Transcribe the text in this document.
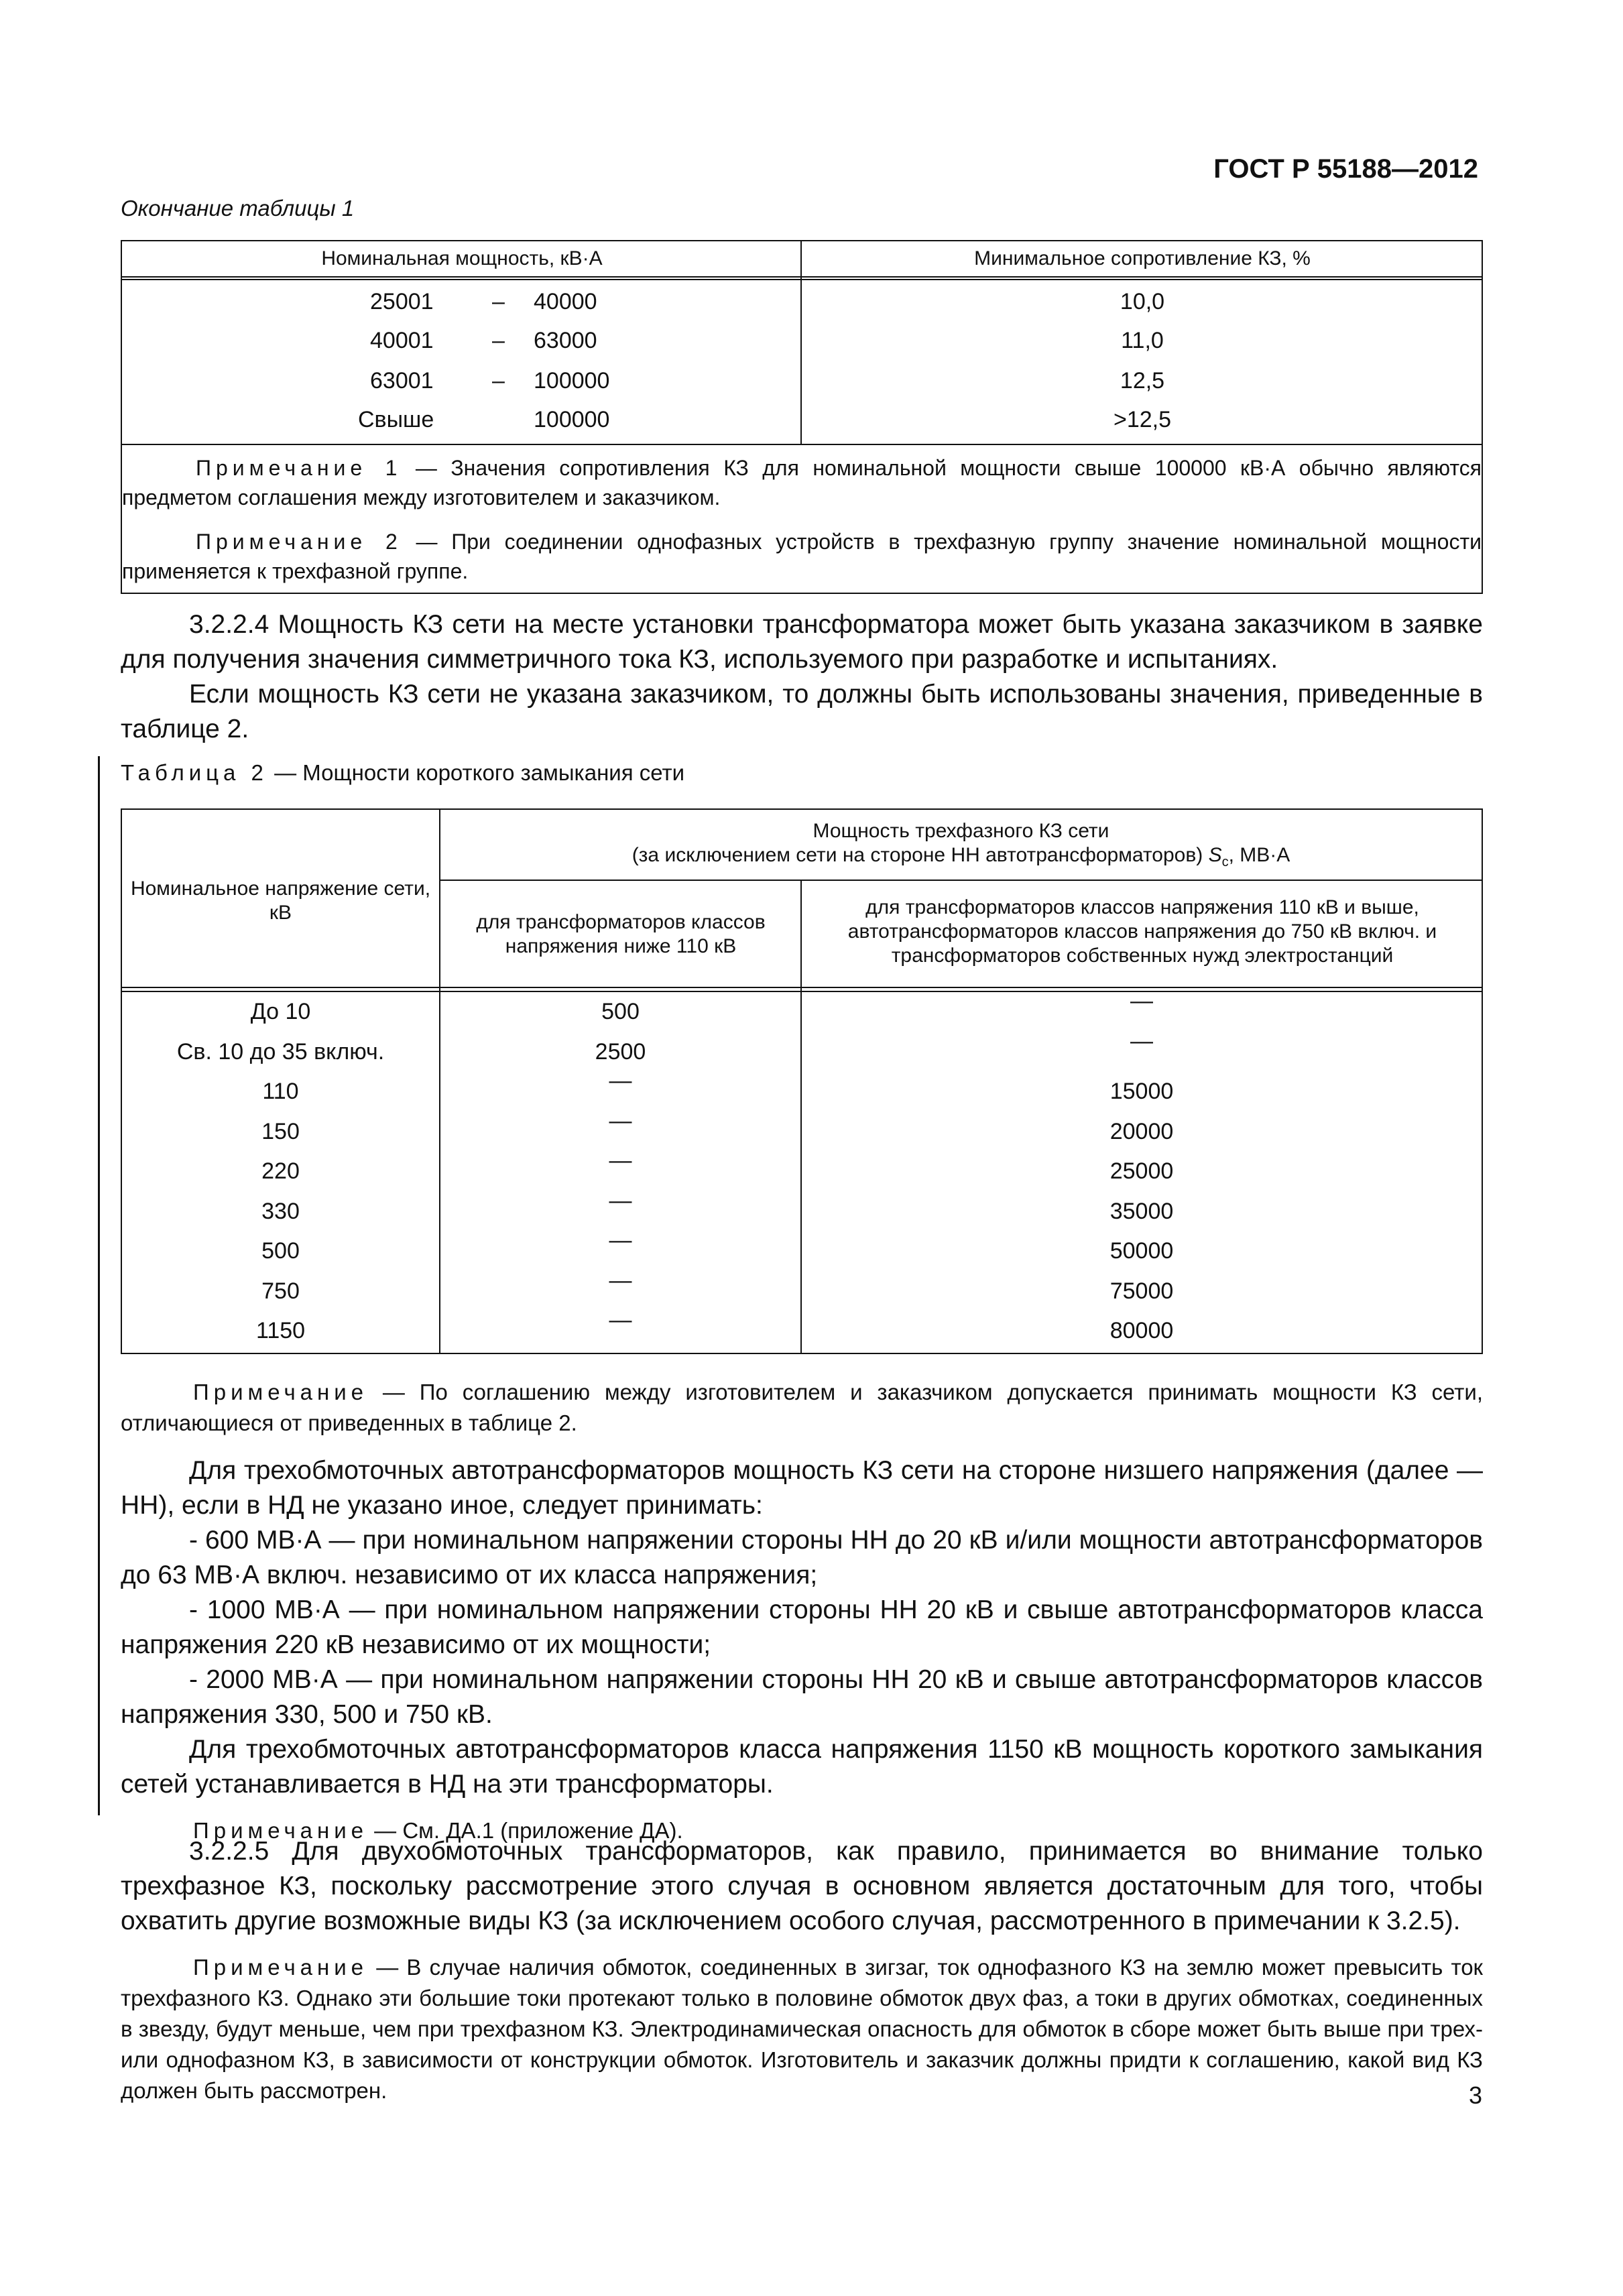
ГОСТ Р 55188—2012
Окончание таблицы 1
Номинальная мощность, кВ·А	Минимальное сопротивление КЗ, %
25001	– 40000	10,0
40001	– 63000	11,0
63001	– 100000	12,5
Свыше	100000	>12,5

Примечание 1 — Значения сопротивления КЗ для номинальной мощности свыше 100000 кВ·А обычно являются предметом соглашения между изготовителем и заказчиком.

Примечание 2 — При соединении однофазных устройств в трехфазную группу значение номинальной мощности применяется к трехфазной группе.

3.2.2.4 Мощность КЗ сети на месте установки трансформатора может быть указана заказчиком в заявке для получения значения симметричного тока КЗ, используемого при разработке и испытаниях.

Если мощность КЗ сети не указана заказчиком, то должны быть использованы значения, приведенные в таблице 2.

Таблица 2 — Мощности короткого замыкания сети
Номинальное напряжение сети, кВ
Мощность трехфазного КЗ сети
(за исключением сети на стороне НН автотрансформаторов) $S_c$, МВ·А
для трансформаторов классов напряжения ниже 110 кВ
для трансформаторов классов напряжения 110 кВ и выше, автотрансформаторов классов напряжения до 750 кВ включ. и трансформаторов собственных нужд электростанций
До 10	500	—
Св. 10 до 35 включ.	2500	—
110	—	15000
150	—	20000
220	—	25000
330	—	35000
500	—	50000
750	—	75000
1150	—	80000

Примечание — По соглашению между изготовителем и заказчиком допускается принимать мощности КЗ сети, отличающиеся от приведенных в таблице 2.

Для трехобмоточных автотрансформаторов мощность КЗ сети на стороне низшего напряжения (далее — НН), если в НД не указано иное, следует принимать:

- 600 МВ·А — при номинальном напряжении стороны НН до 20 кВ и/или мощности автотрансформаторов до 63 МВ·А включ. независимо от их класса напряжения;

- 1000 МВ·А — при номинальном напряжении стороны НН 20 кВ и свыше автотрансформаторов класса напряжения 220 кВ независимо от их мощности;

- 2000 МВ·А — при номинальном напряжении стороны НН 20 кВ и свыше автотрансформаторов классов напряжения 330, 500 и 750 кВ.

Для трехобмоточных автотрансформаторов класса напряжения 1150 кВ мощность короткого замыкания сетей устанавливается в НД на эти трансформаторы.

Примечание — См. ДА.1 (приложение ДА).

3.2.2.5 Для двухобмоточных трансформаторов, как правило, принимается во внимание только трехфазное КЗ, поскольку рассмотрение этого случая в основном является достаточным для того, чтобы охватить другие возможные виды КЗ (за исключением особого случая, рассмотренного в примечании к 3.2.5).

Примечание — В случае наличия обмоток, соединенных в зигзаг, ток однофазного КЗ на землю может превысить ток трехфазного КЗ. Однако эти большие токи протекают только в половине обмоток двух фаз, а токи в других обмотках, соединенных в звезду, будут меньше, чем при трехфазном КЗ. Электродинамическая опасность для обмоток в сборе может быть выше при трех- или однофазном КЗ, в зависимости от конструкции обмоток. Изготовитель и заказчик должны придти к соглашению, какой вид КЗ должен быть рассмотрен.	3
